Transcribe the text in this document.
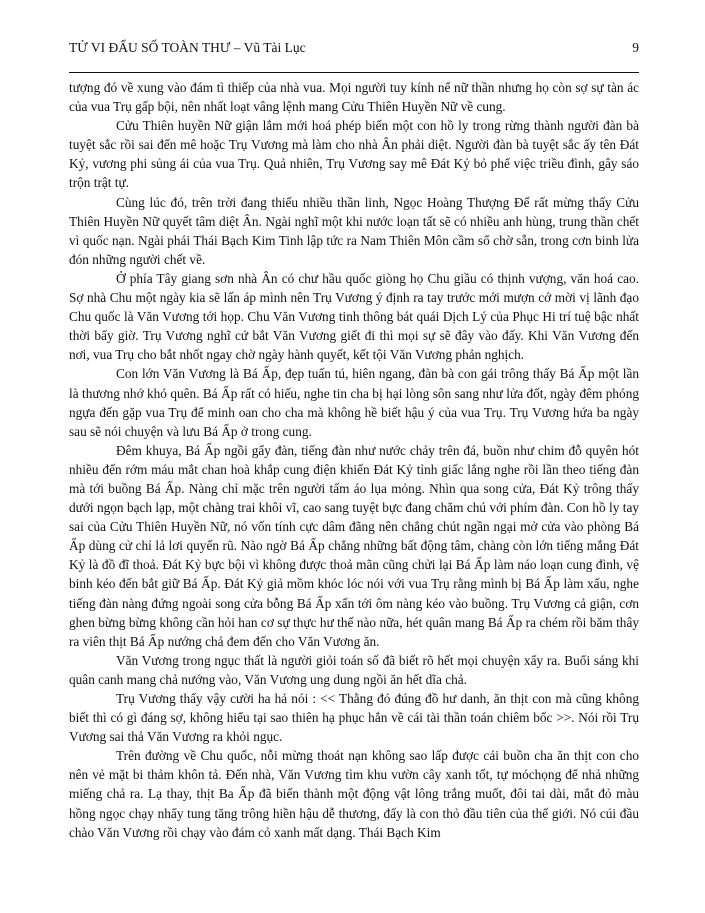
TỬ VI ĐẨU SỐ TOÀN THƯ – Vũ Tài Lục	9

tượng đó về xung vào đám tì thiếp của nhà vua. Mọi người tuy kính nể nữ thần nhưng họ còn sợ sự tàn ác của vua Trụ gấp bội, nên nhất loạt vâng lệnh mang Cửu Thiên Huyền Nữ về cung.

Cửu Thiên huyền Nữ giận lắm mới hoá phép biến một con hồ ly trong rừng thành người đàn bà tuyệt sắc rồi sai đến mê hoặc Trụ Vương mà làm cho nhà Ân phải diệt. Người đàn bà tuyệt sắc ấy tên Đát Kỷ, vương phi sủng ái của vua Trụ. Quả nhiên, Trụ Vương say mê Đát Kỷ bỏ phế việc triều đình, gây sáo trộn trật tự.

Cùng lúc đó, trên trời đang thiếu nhiều thần linh, Ngọc Hoàng Thượng Đế rất mừng thấy Cửu Thiên Huyền Nữ quyết tâm diệt Ân. Ngài nghĩ một khi nước loạn tất sẽ có nhiều anh hùng, trung thần chết vì quốc nạn. Ngài phái Thái Bạch Kim Tinh lập tức ra Nam Thiên Môn cầm sổ chờ sẵn, trong cơn binh lửa đón những người chết về.

Ở phía Tây giang sơn nhà Ân có chư hầu quốc giòng họ Chu giầu có thịnh vượng, văn hoá cao. Sợ nhà Chu một ngày kia sẽ lấn áp mình nên Trụ Vương ý định ra tay trước mới mượn cớ mời vị lãnh đạo Chu quốc là Văn Vương tới họp. Chu Văn Vương tinh thông bát quái Dịch Lý của Phục Hi trí tuệ bậc nhất thời bấy giờ. Trụ Vương nghĩ cứ bắt Văn Vương giết đi thì mọi sự sẽ đây vào đấy. Khi Văn Vương đến nơi, vua Trụ cho bắt nhốt ngay chờ ngày hành quyết, kết tội Văn Vương phản nghịch.

Con lớn Văn Vương là Bá Ấp, đẹp tuấn tú, hiên ngang, đàn bà con gái trông thấy Bá Ấp một lần là thương nhớ khó quên. Bá Ấp rất có hiếu, nghe tin cha bị hại lòng sôn sang như lửa đốt, ngày đêm phóng ngựa đến gặp vua Trụ để minh oan cho cha mà không hề biết hậu ý của vua Trụ. Trụ Vương hứa ba ngày sau sẽ nói chuyện và lưu Bá Ấp ở trong cung.

Đêm khuya, Bá Ấp ngồi gẩy đàn, tiếng đàn như nước chảy trên đá, buồn như chim đỗ quyên hót nhiều đến rớm máu mắt chan hoà khắp cung điện khiến Đát Kỷ tỉnh giấc lắng nghe rồi lần theo tiếng đàn mà tới buồng Bá Ấp. Nàng chỉ mặc trên người tấm áo lụa mỏng. Nhìn qua song cửa, Đát Kỷ trông thấy dưới ngọn bạch lạp, một chàng trai khôi vĩ, cao sang tuyệt bực đang chăm chú với phím đàn. Con hồ ly tay sai của Cửu Thiên Huyền Nữ, nó vốn tính cực dâm đãng nên chẳng chút ngần ngại mở cửa vào phòng Bá Ấp dùng cử chỉ lả lơi quyến rũ. Nào ngờ Bá Ấp chẳng những bất động tâm, chàng còn lớn tiếng mắng Đát Kỷ là đồ đĩ thoả. Đát Kỷ bực bội vì không được thoả mãn cũng chửi lại Bá Ấp làm náo loạn cung đình, vệ binh kéo đến bắt giữ Bá Ấp. Đát Kỷ giả mồm khóc lóc nói với vua Trụ rằng mình bị Bá Ấp làm xấu, nghe tiếng đàn nàng đứng ngoài song cửa bỗng Bá Ấp xấn tới ôm nàng kéo vào buồng. Trụ Vương cả giận, cơn ghen bừng bừng không cần hỏi han cơ sự thực hư thế nào nữa, hét quân mang Bá Ấp ra chém rồi băm thây ra viên thịt Bá Ấp nướng chả đem đến cho Văn Vương ăn.

Văn Vương trong ngục thất là người giỏi toán số đã biết rõ hết mọi chuyện xẩy ra. Buổi sáng khi quân canh mang chả nướng vào, Văn Vương ung dung ngồi ăn hết dĩa chả.

Trụ Vương thấy vậy cười ha hả nói : << Thằng đó đúng đồ hư danh, ăn thịt con mà cũng không biết thì có gì đáng sợ, không hiểu tại sao thiên hạ phục hắn về cái tài thần toán chiêm bốc >>. Nói rồi Trụ Vương sai thả Văn Vương ra khỏi ngục.

Trên đường về Chu quốc, nỗi mừng thoát nạn không sao lấp được cái buồn cha ăn thịt con cho nên vẻ mặt bi thảm khôn tả. Đến nhà, Văn Vương tìm khu vườn cây xanh tốt, tự móchọng để nhả những miếng chả ra. Lạ thay, thịt Ba Ấp đã biến thành một động vật lông trắng muốt, đôi tai dài, mắt đỏ màu hồng ngọc chạy nhẩy tung tăng trông hiền hậu dễ thương, đấy là con thỏ đầu tiên của thế giới. Nó cúi đầu chào Văn Vương rồi chạy vào đám cỏ xanh mất dạng. Thái Bạch Kim
